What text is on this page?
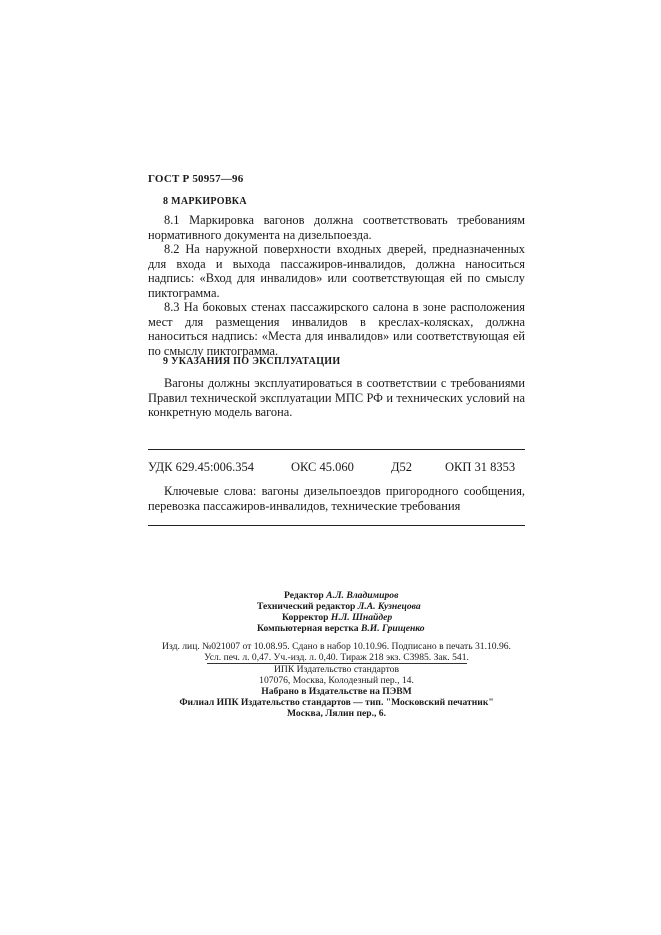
ГОСТ Р 50957—96
8 МАРКИРОВКА

8.1 Маркировка вагонов должна соответствовать требованиям нормативного документа на дизельпоезда.

8.2 На наружной поверхности входных дверей, предназначенных для входа и выхода пассажиров-инвалидов, должна наноситься надпись: «Вход для инвалидов» или соответствующая ей по смыслу пиктограмма.

8.3 На боковых стенах пассажирского салона в зоне расположения мест для размещения инвалидов в креслах-колясках, должна наноситься надпись: «Места для инвалидов» или соответствующая ей по смыслу пиктограмма.

9 УКАЗАНИЯ ПО ЭКСПЛУАТАЦИИ

Вагоны должны эксплуатироваться в соответствии с требованиями Правил технической эксплуатации МПС РФ и технических условий на конкретную модель вагона.

УДК 629.45:006.354	ОКС 45.060	Д52	ОКП 31 8353

Ключевые слова: вагоны дизельпоездов пригородного сообщения, перевозка пассажиров-инвалидов, технические требования

Редактор А.Л. Владимиров
Технический редактор Л.А. Кузнецова
Корректор Н.Л. Шнайдер
Компьютерная верстка В.И. Грищенко
Изд. лиц. №021007 от 10.08.95. Сдано в набор 10.10.96. Подписано в печать 31.10.96.
Усл. печ. л. 0,47. Уч.-изд. л. 0,40. Тираж 218 экз. С3985. Зак. 541.
ИПК Издательство стандартов
107076, Москва, Колодезный пер., 14.
Набрано в Издательстве на ПЭВМ
Филиал ИПК Издательство стандартов — тип. "Московский печатник"
Москва, Лялин пер., 6.
